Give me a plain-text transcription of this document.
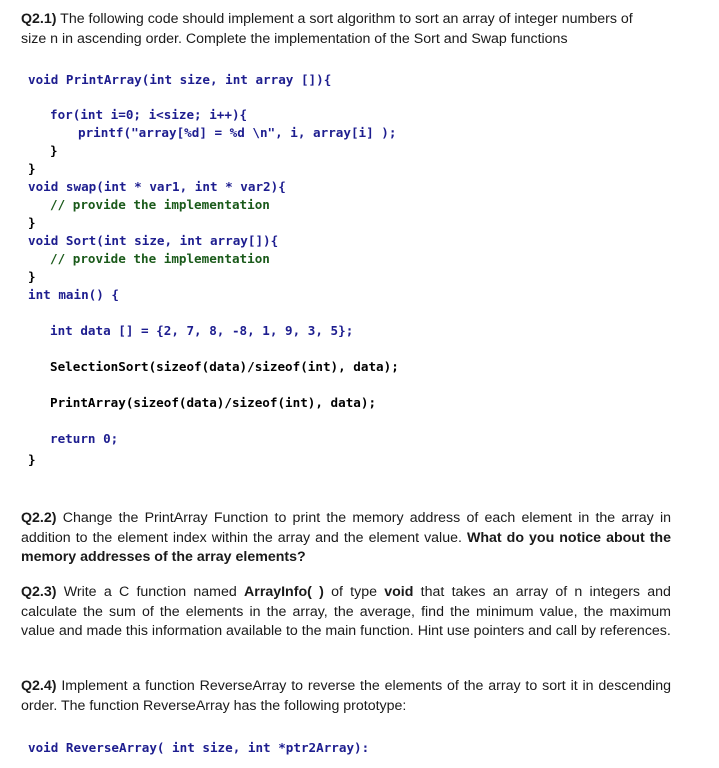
Q2.1) The following code should implement a sort algorithm to sort an array of integer numbers of
size n in ascending order. Complete the implementation of the Sort and Swap functions

void PrintArray(int size, int array []){
for(int i=0; i<size; i++){
printf("array[%d] = %d \n", i, array[i] );
}
}
void swap(int * var1, int * var2){
// provide the implementation
}
void Sort(int size, int array[]){
// provide the implementation
}
int main() {
int data [] = {2, 7, 8, -8, 1, 9, 3, 5};
SelectionSort(sizeof(data)/sizeof(int), data);
PrintArray(sizeof(data)/sizeof(int), data);
return 0;
}

Q2.2) Change the PrintArray Function to print the memory address of each element in the array in addition to the element index within the array and the element value. What do you notice about the memory addresses of the array elements?

Q2.3) Write a C function named ArrayInfo( ) of type void that takes an array of n integers and calculate the sum of the elements in the array, the average, find the minimum value, the maximum value and made this information available to the main function. Hint use pointers and call by references.

Q2.4) Implement a function ReverseArray to reverse the elements of the array to sort it in descending order. The function ReverseArray has the following prototype:

void ReverseArray( int size, int *ptr2Array):
